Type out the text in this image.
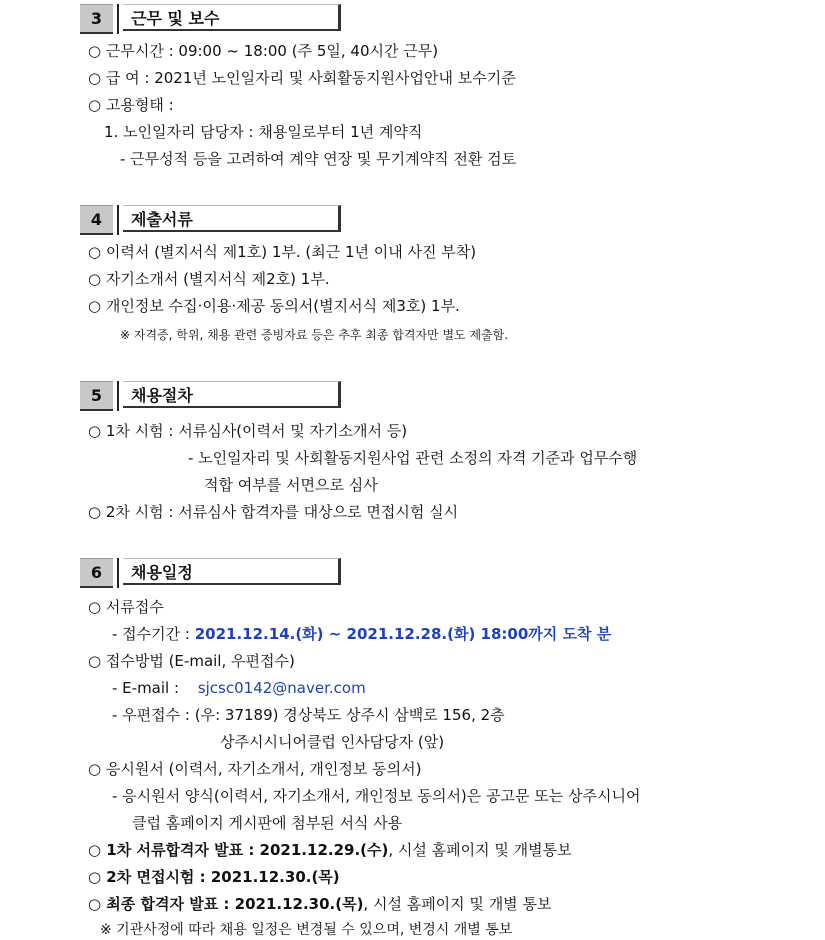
3	근무 및 보수
○ 근무시간 : 09:00 ~ 18:00 (주 5일, 40시간 근무)
○ 급 여 : 2021년 노인일자리 및 사회활동지원사업안내 보수기준
○ 고용형태 :
1. 노인일자리 담당자 : 채용일로부터 1년 계약직
- 근무성적 등을 고려하여 계약 연장 및 무기계약직 전환 검토
4	제출서류
○ 이력서 (별지서식 제1호) 1부. (최근 1년 이내 사진 부착)
○ 자기소개서 (별지서식 제2호) 1부.
○ 개인정보 수집·이용·제공 동의서(별지서식 제3호) 1부.
※ 자격증, 학위, 채용 관련 증빙자료 등은 추후 최종 합격자만 별도 제출함.
5	채용절차
○ 1차 시험 : 서류심사(이력서 및 자기소개서 등)
- 노인일자리 및 사회활동지원사업 관련 소정의 자격 기준과 업무수행
적합 여부를 서면으로 심사
○ 2차 시험 : 서류심사 합격자를 대상으로 면접시험 실시
6	채용일정
○ 서류접수
- 접수기간 : 2021.12.14.(화) ~ 2021.12.28.(화) 18:00까지 도착 분
○ 접수방법 (E-mail, 우편접수)
- E-mail : sjcsc0142@naver.com
- 우편접수 : (우: 37189) 경상북도 상주시 삼백로 156, 2층
상주시시니어클럽 인사담당자 (앞)
○ 응시원서 (이력서, 자기소개서, 개인정보 동의서)
- 응시원서 양식(이력서, 자기소개서, 개인정보 동의서)은 공고문 또는 상주시니어
클럽 홈페이지 게시판에 첨부된 서식 사용
○ 1차 서류합격자 발표 : 2021.12.29.(수), 시설 홈페이지 및 개별통보
○ 2차 면접시험 : 2021.12.30.(목)
○ 최종 합격자 발표 : 2021.12.30.(목), 시설 홈페이지 및 개별 통보
※ 기관사정에 따라 채용 일정은 변경될 수 있으며, 변경시 개별 통보
